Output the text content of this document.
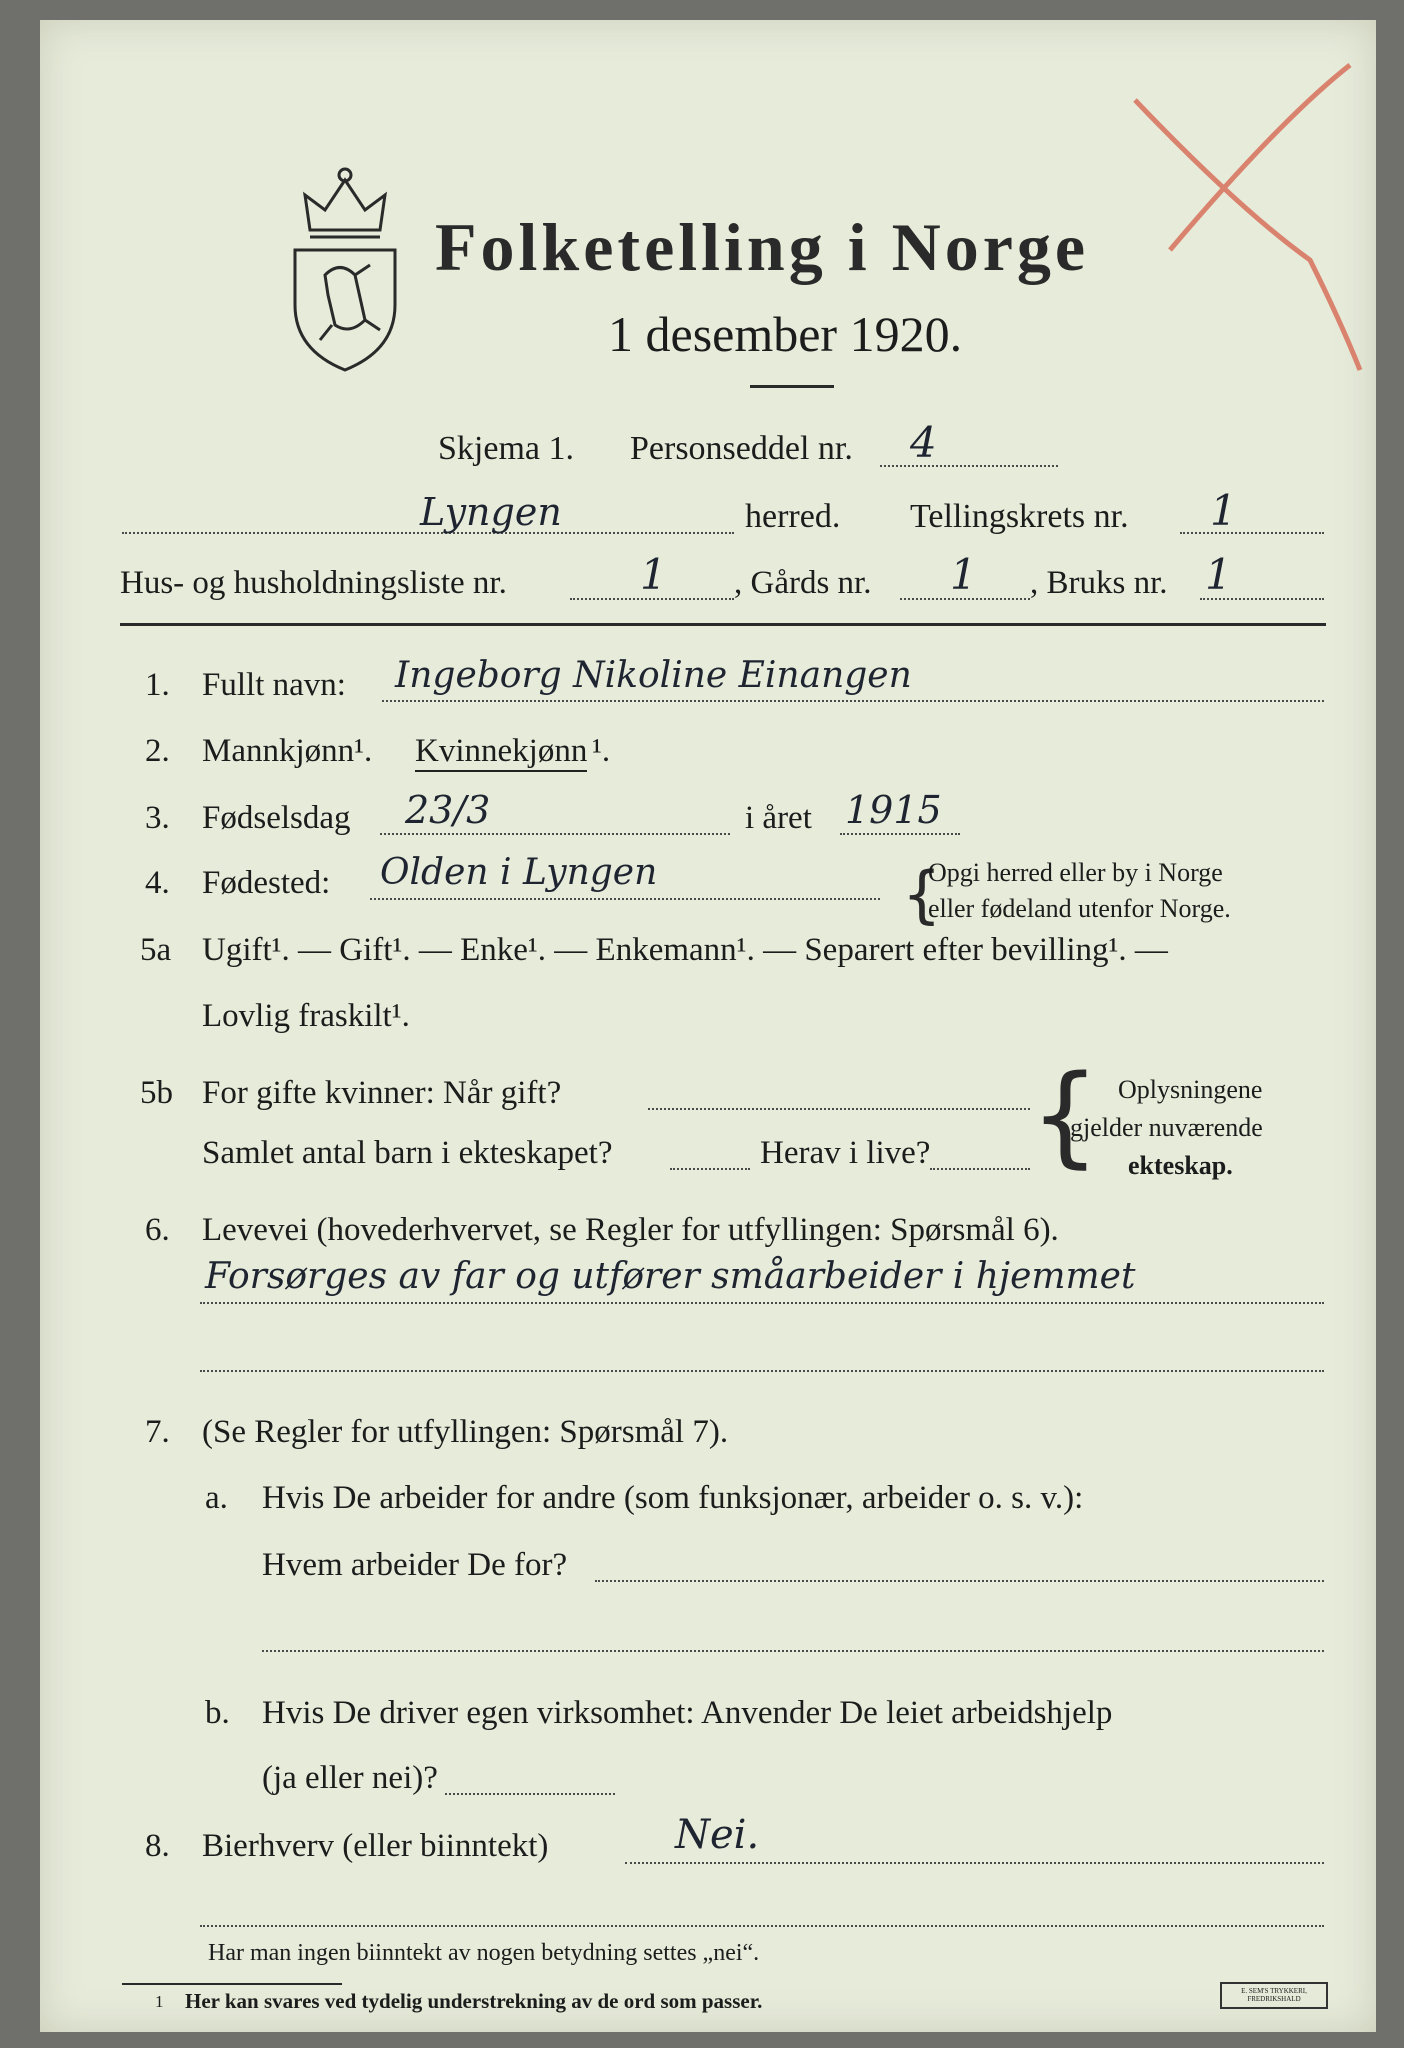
Folketelling i Norge
1 desember 1920.
Skjema 1. Personseddel nr. 4
Lyngen	herred. Tellingskrets nr. 1
Hus- og husholdningsliste nr.	1 , Gårds nr. 1 , Bruks nr. 1
1. Fullt navn: Ingeborg Nikoline Einangen
2. Mannkjønn¹. Kvinnekjønn ¹.
3. Fødselsdag 23/3	i året 1915
4. Fødested: Olden i Lyngen	{
Opgi herred eller by i Norge
eller fødeland utenfor Norge.
5a Ugift¹. — Gift¹. — Enke¹. — Enkemann¹. — Separert efter bevilling¹. —
Lovlig fraskilt¹.
5b For gifte kvinner: Når gift?
Samlet antal barn i ekteskapet?	Herav i live? { Oplysningene
gjelder nuværende
ekteskap.
6. Levevei (hovederhvervet, se Regler for utfyllingen: Spørsmål 6).
Forsørges av far og utfører småarbeider i hjemmet
7. (Se Regler for utfyllingen: Spørsmål 7).
a. Hvis De arbeider for andre (som funksjonær, arbeider o. s. v.):
Hvem arbeider De for?
b. Hvis De driver egen virksomhet: Anvender De leiet arbeidshjelp
(ja eller nei)?
8. Bierhverv (eller biinntekt)	Nei.
Har man ingen biinntekt av nogen betydning settes „nei“.
1 Her kan svares ved tydelig understrekning av de ord som passer.	E. SEM'S TRYKKERI, FREDRIKSHALD
